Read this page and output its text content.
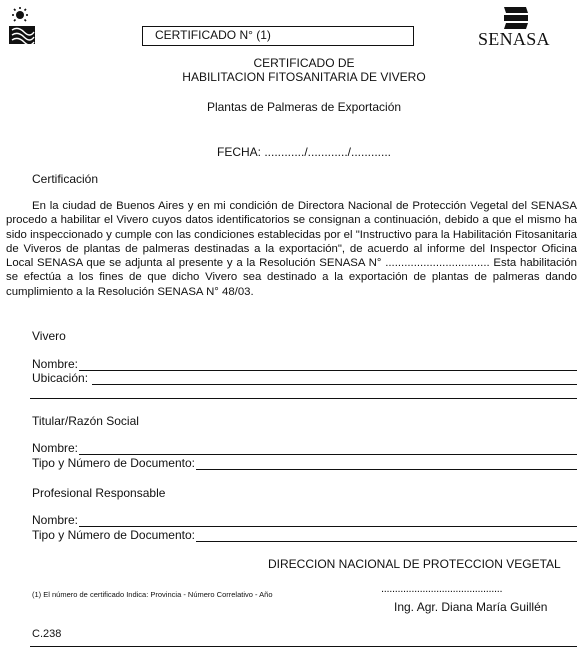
CERTIFICADO N° (1)	SENASA
CERTIFICADO DE
HABILITACION FITOSANITARIA DE VIVERO
Plantas de Palmeras de Exportación
FECHA: ............/............/............
Certificación
En la ciudad de Buenos Aires y en mi condición de Directora Nacional de Protección Vegetal del SENASA procedo a habilitar el Vivero cuyos datos identificatorios se consignan a continuación, debido a que el mismo ha sido inspeccionado y cumple con las condiciones establecidas por el "Instructivo para la Habilitación Fitosanitaria de Viveros de plantas de palmeras destinadas a la exportación", de acuerdo al informe del Inspector Oficina Local SENASA que se adjunta al presente y a la Resolución SENASA N° ................................. Esta habilitación se efectúa a los fines de que dicho Vivero sea destinado a la exportación de plantas de palmeras dando cumplimiento a la Resolución SENASA N° 48/03.
Vivero
Nombre:
Ubicación:
Titular/Razón Social
Nombre:
Tipo y Número de Documento:
Profesional Responsable
Nombre:
Tipo y Número de Documento:
DIRECCION NACIONAL DE PROTECCION VEGETAL
(1) El número de certificado Indica: Provincia - Número Correlativo - Año	............................................
Ing. Agr. Diana María Guillén
C.238
